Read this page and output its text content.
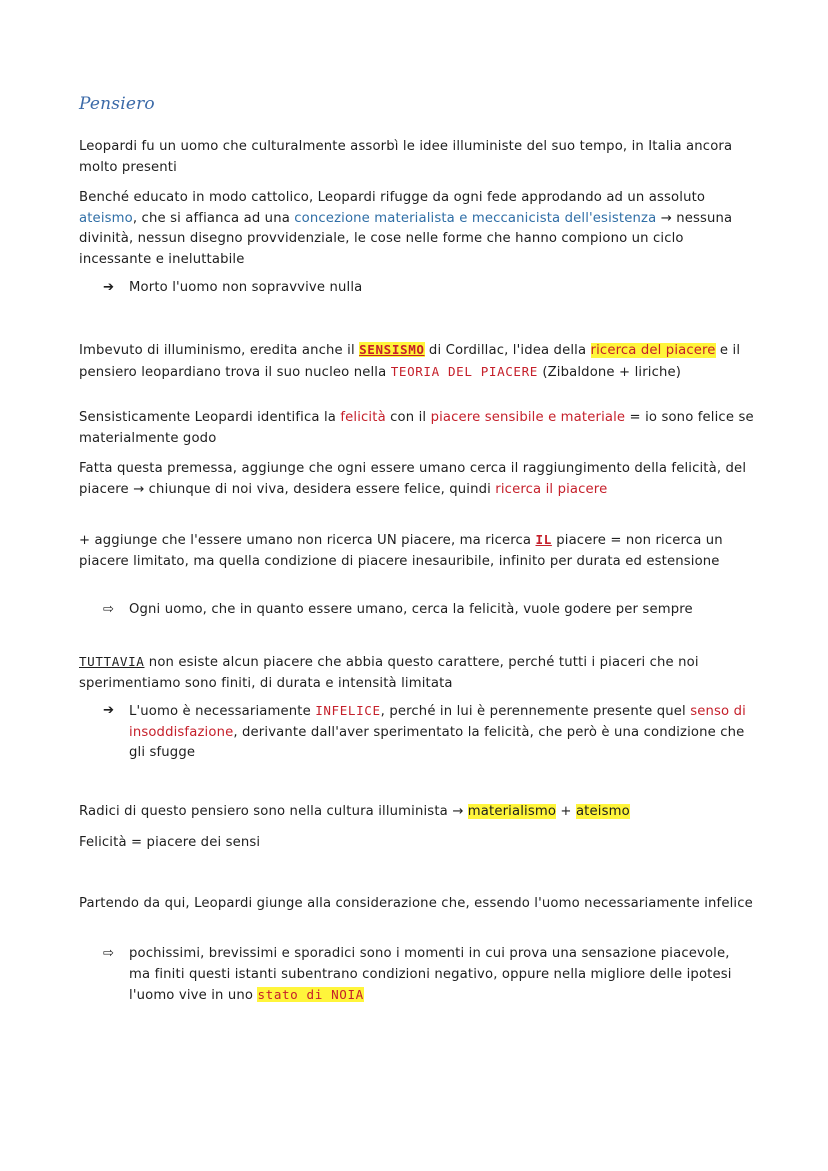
Pensiero

Leopardi fu un uomo che culturalmente assorbì le idee illuministe del suo tempo, in Italia ancora molto presenti

Benché educato in modo cattolico, Leopardi rifugge da ogni fede approdando ad un assoluto ateismo, che si affianca ad una concezione materialista e meccanicista dell'esistenza → nessuna divinità, nessun disegno provvidenziale, le cose nelle forme che hanno compiono un ciclo incessante e ineluttabile

➔ Morto l'uomo non sopravvive nulla

Imbevuto di illuminismo, eredita anche il SENSISMO di Cordillac, l'idea della ricerca del piacere e il pensiero leopardiano trova il suo nucleo nella TEORIA DEL PIACERE (Zibaldone + liriche)

Sensisticamente Leopardi identifica la felicità con il piacere sensibile e materiale = io sono felice se materialmente godo

Fatta questa premessa, aggiunge che ogni essere umano cerca il raggiungimento della felicità, del piacere → chiunque di noi viva, desidera essere felice, quindi ricerca il piacere

+ aggiunge che l'essere umano non ricerca UN piacere, ma ricerca IL piacere = non ricerca un piacere limitato, ma quella condizione di piacere inesauribile, infinito per durata ed estensione

⇨ Ogni uomo, che in quanto essere umano, cerca la felicità, vuole godere per sempre

TUTTAVIA non esiste alcun piacere che abbia questo carattere, perché tutti i piaceri che noi sperimentiamo sono finiti, di durata e intensità limitata

➔ L'uomo è necessariamente INFELICE, perché in lui è perennemente presente quel senso di insoddisfazione, derivante dall'aver sperimentato la felicità, che però è una condizione che gli sfugge

Radici di questo pensiero sono nella cultura illuminista → materialismo + ateismo

Felicità = piacere dei sensi

Partendo da qui, Leopardi giunge alla considerazione che, essendo l'uomo necessariamente infelice

⇨ pochissimi, brevissimi e sporadici sono i momenti in cui prova una sensazione piacevole, ma finiti questi istanti subentrano condizioni negativo, oppure nella migliore delle ipotesi l'uomo vive in uno stato di NOIA
